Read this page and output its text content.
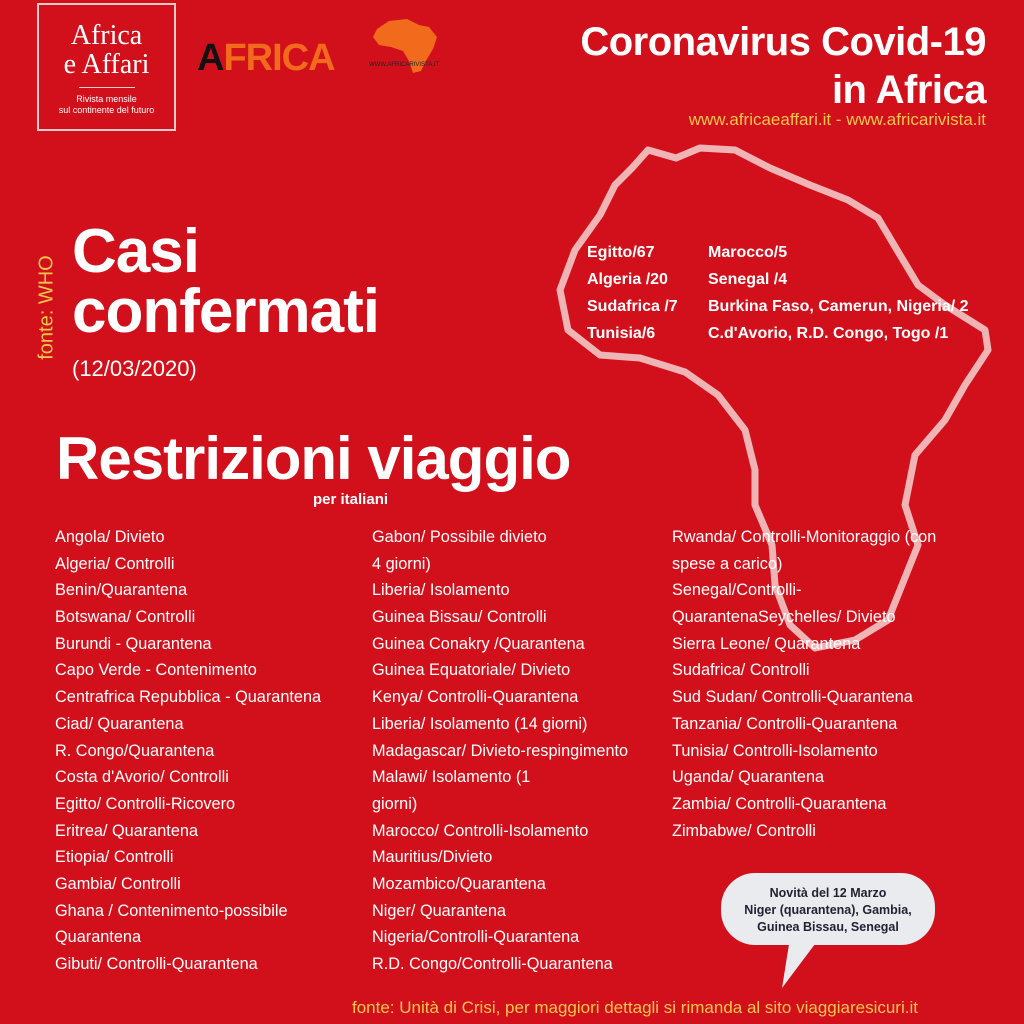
Africa
e Affari
Rivista mensile
sul continente del futuro
AFRICA	WWW.AFRICARIVISTA.IT
Coronavirus Covid-19
in Africa
www.africaeaffari.it - www.africarivista.it
fonte: WHO
Casi
confermati
(12/03/2020)
Egitto/67
Algeria /20
Sudafrica /7
Tunisia/6
Marocco/5
Senegal /4
Burkina Faso, Camerun, Nigeria/ 2
C.d'Avorio, R.D. Congo, Togo /1
Restrizioni viaggio
per italiani
Angola/ Divieto
Algeria/ Controlli
Benin/Quarantena
Botswana/ Controlli
Burundi - Quarantena
Capo Verde - Contenimento
Centrafrica Repubblica - Quarantena
Ciad/ Quarantena
R. Congo/Quarantena
Costa d'Avorio/ Controlli
Egitto/ Controlli-Ricovero
Eritrea/ Quarantena
Etiopia/ Controlli
Gambia/ Controlli
Ghana / Contenimento-possibile
Quarantena
Gibuti/ Controlli-Quarantena
Gabon/ Possibile divieto
4 giorni)
Liberia/ Isolamento
Guinea Bissau/ Controlli
Guinea Conakry /Quarantena
Guinea Equatoriale/ Divieto
Kenya/ Controlli-Quarantena
Liberia/ Isolamento (14 giorni)
Madagascar/ Divieto-respingimento
Malawi/ Isolamento (1
giorni)
Marocco/ Controlli-Isolamento
Mauritius/Divieto
Mozambico/Quarantena
Niger/ Quarantena
Nigeria/Controlli-Quarantena
R.D. Congo/Controlli-Quarantena
Rwanda/ Controlli-Monitoraggio (con
spese a carico)
Senegal/Controlli-
QuarantenaSeychelles/ Divieto
Sierra Leone/ Quarantena
Sudafrica/ Controlli
Sud Sudan/ Controlli-Quarantena
Tanzania/ Controlli-Quarantena
Tunisia/ Controlli-Isolamento
Uganda/ Quarantena
Zambia/ Controlli-Quarantena
Zimbabwe/ Controlli
Novità del 12 Marzo
Niger (quarantena), Gambia,
Guinea Bissau, Senegal
fonte: Unità di Crisi, per maggiori dettagli si rimanda al sito viaggiaresicuri.it
